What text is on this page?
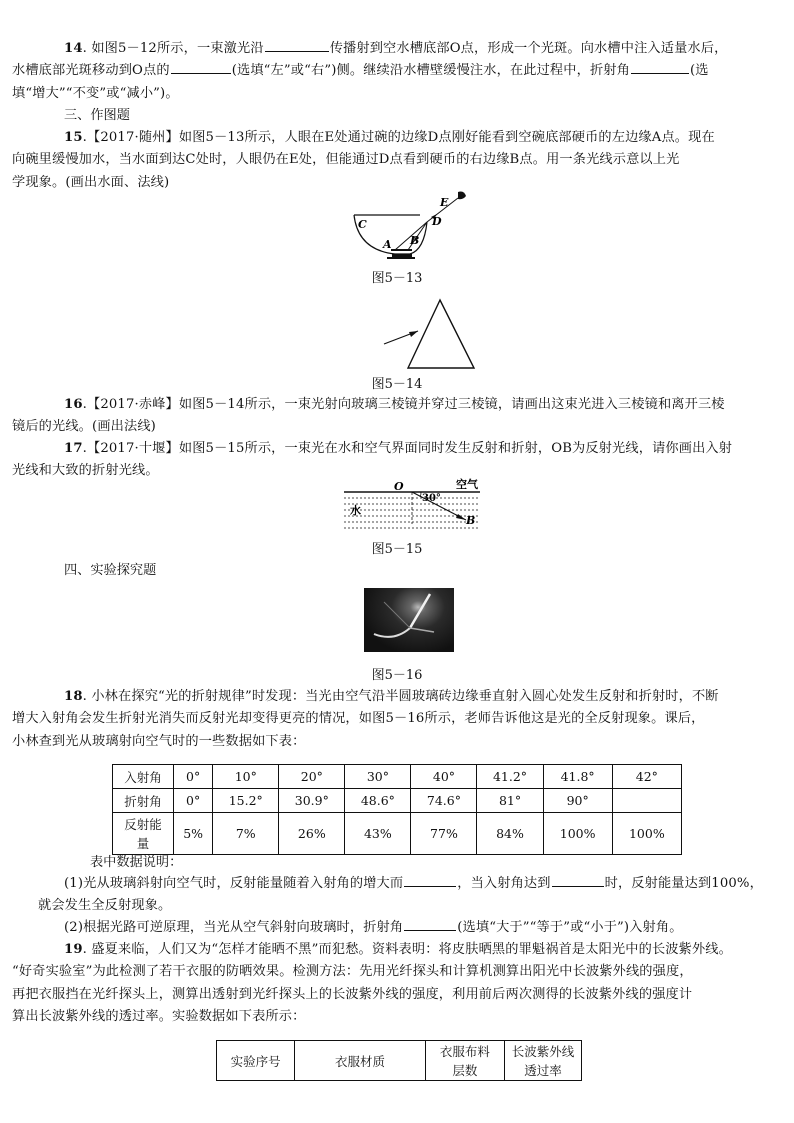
14. 如图5－12所示，一束激光沿	传播射到空水槽底部O点，形成一个光斑。向水槽中注入适量水后，
水槽底部光斑移动到O点的	(选填“左”或“右”)侧。继续沿水槽壁缓慢注水，在此过程中，折射角	(选
填“增大”“不变”或“减小”)。
三、作图题
15.【2017·随州】如图5－13所示，人眼在E处通过碗的边缘D点刚好能看到空碗底部硬币的左边缘A点。现在
向碗里缓慢加水，当水面到达C处时，人眼仍在E处，但能通过D点看到硬币的右边缘B点。用一条光线示意以上光
学现象。(画出水面、法线)
C	D
E
A B
图5－13
图5－14
16.【2017·赤峰】如图5－14所示，一束光射向玻璃三棱镜并穿过三棱镜，请画出这束光进入三棱镜和离开三棱
镜后的光线。(画出法线)
17.【2017·十堰】如图5－15所示，一束光在水和空气界面同时发生反射和折射，OB为反射光线，请你画出入射
光线和大致的折射光线。
O	空气
30°
水
B
图5－15
四、实验探究题
图5－16
18. 小林在探究“光的折射规律”时发现：当光由空气沿半圆玻璃砖边缘垂直射入圆心处发生反射和折射时，不断
增大入射角会发生折射光消失而反射光却变得更亮的情况，如图5－16所示，老师告诉他这是光的全反射现象。课后，
小林查到光从玻璃射向空气时的一些数据如下表：
入射角	0°	10°	20°	30°	40°	41.2°	41.8°	42°
折射角	0°	15.2°	30.9°	48.6°	74.6°	81°	90°	
反射能量	5%	7%	26%	43%	77%	84%	100%	100%
表中数据说明：
(1)光从玻璃斜射向空气时，反射能量随着入射角的增大而	，当入射角达到	时，反射能量达到100%，
就会发生全反射现象。
(2)根据光路可逆原理，当光从空气斜射向玻璃时，折射角	(选填“大于”“等于”或“小于”)入射角。
19. 盛夏来临，人们又为“怎样才能晒不黑”而犯愁。资料表明：将皮肤晒黑的罪魁祸首是太阳光中的长波紫外线。
“好奇实验室”为此检测了若干衣服的防晒效果。检测方法：先用光纤探头和计算机测算出阳光中长波紫外线的强度，
再把衣服挡在光纤探头上，测算出透射到光纤探头上的长波紫外线的强度，利用前后两次测得的长波紫外线的强度计
算出长波紫外线的透过率。实验数据如下表所示：
实验序号	衣服材质	衣服布料层数	长波紫外线透过率
